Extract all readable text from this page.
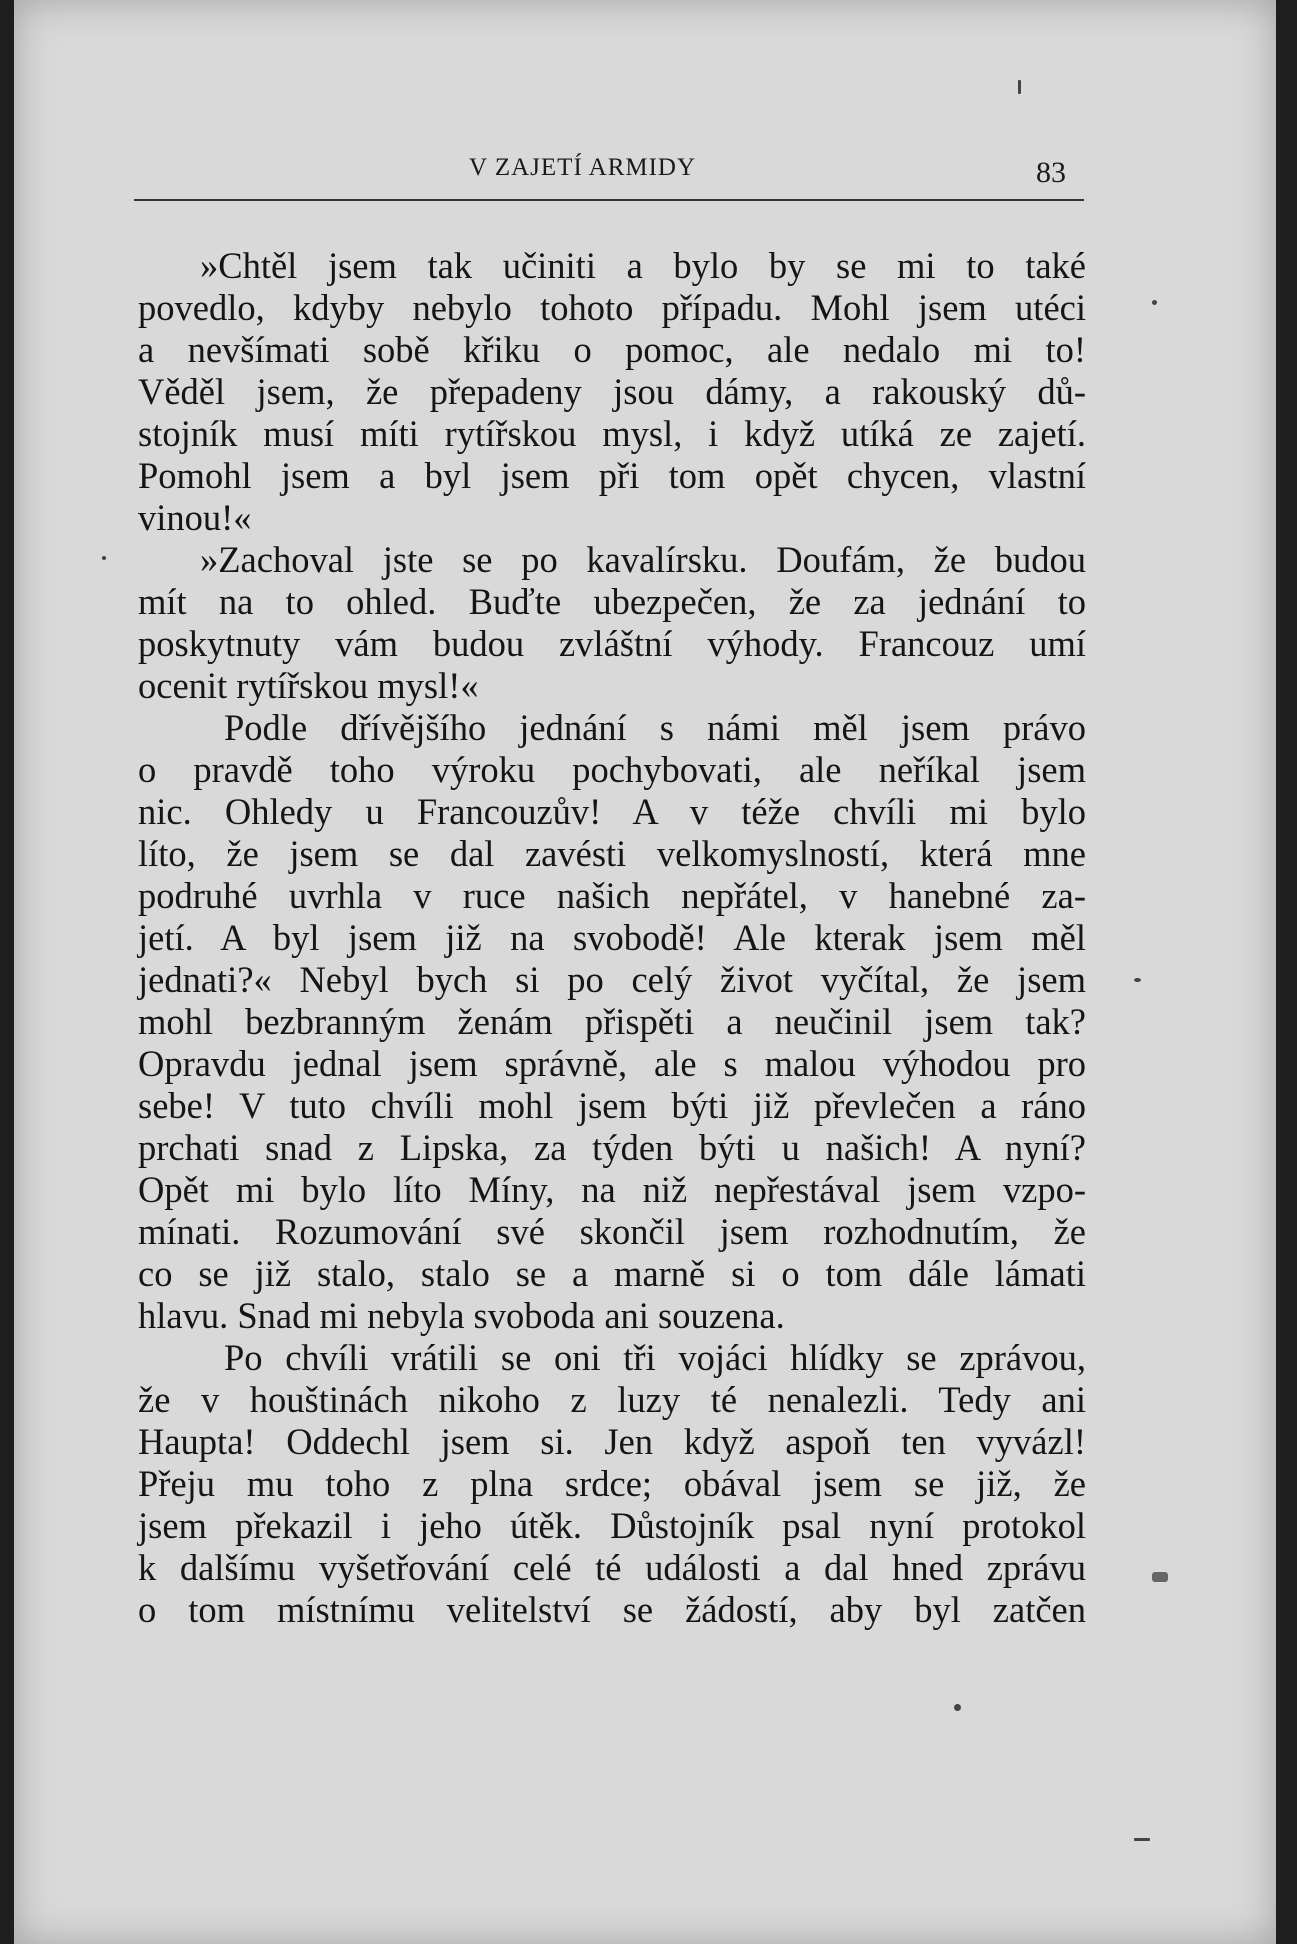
V ZAJETÍ ARMIDY	83

»Chtěl jsem tak učiniti a bylo by se mi to také
povedlo, kdyby nebylo tohoto případu. Mohl jsem utéci
a nevšímati sobě křiku o pomoc, ale nedalo mi to!
Věděl jsem, že přepadeny jsou dámy, a rakouský dů-
stojník musí míti rytířskou mysl, i když utíká ze zajetí.
Pomohl jsem a byl jsem při tom opět chycen, vlastní
vinou!«

»Zachoval jste se po kavalírsku. Doufám, že budou
mít na to ohled. Buďte ubezpečen, že za jednání to
poskytnuty vám budou zvláštní výhody. Francouz umí
ocenit rytířskou mysl!«

Podle dřívějšího jednání s námi měl jsem právo
o pravdě toho výroku pochybovati, ale neříkal jsem
nic. Ohledy u Francouzův! A v téže chvíli mi bylo
líto, že jsem se dal zavésti velkomyslností, která mne
podruhé uvrhla v ruce našich nepřátel, v hanebné za-
jetí. A byl jsem již na svobodě! Ale kterak jsem měl
jednati?« Nebyl bych si po celý život vyčítal, že jsem
mohl bezbranným ženám přispěti a neučinil jsem tak?
Opravdu jednal jsem správně, ale s malou výhodou pro
sebe! V tuto chvíli mohl jsem býti již převlečen a ráno
prchati snad z Lipska, za týden býti u našich! A nyní?
Opět mi bylo líto Míny, na niž nepřestával jsem vzpo-
mínati. Rozumování své skončil jsem rozhodnutím, že
co se již stalo, stalo se a marně si o tom dále lámati
hlavu. Snad mi nebyla svoboda ani souzena.

Po chvíli vrátili se oni tři vojáci hlídky se zprávou,
že v houštinách nikoho z luzy té nenalezli. Tedy ani
Haupta! Oddechl jsem si. Jen když aspoň ten vyvázl!
Přeju mu toho z plna srdce; obával jsem se již, že
jsem překazil i jeho útěk. Důstojník psal nyní protokol
k dalšímu vyšetřování celé té události a dal hned zprávu
o tom místnímu velitelství se žádostí, aby byl zatčen
